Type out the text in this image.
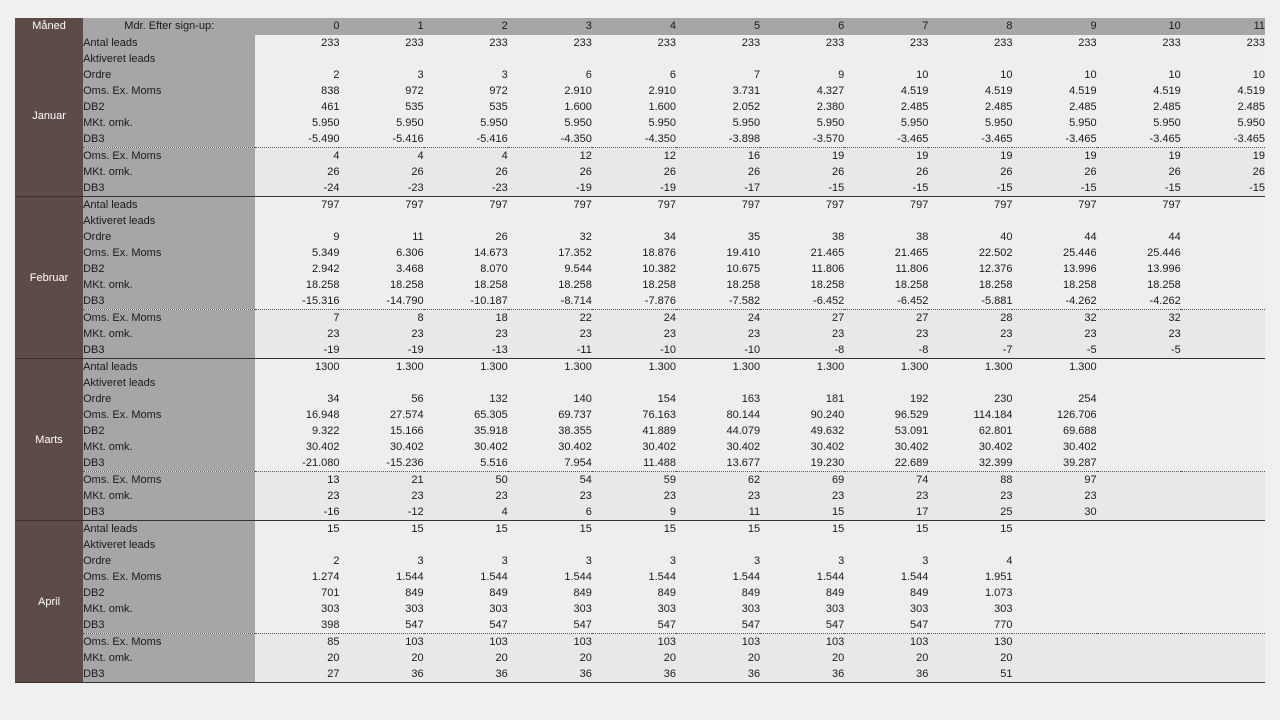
Måned	Mdr. Efter sign-up:	0	1	2	3	4	5	6	7	8	9	10	11
Januar	Antal leads	233	233	233	233	233	233	233	233	233	233	233	233
	Aktiveret leads												
	Ordre	2	3	3	6	6	7	9	10	10	10	10	10
	Oms. Ex. Moms	838	972	972	2.910	2.910	3.731	4.327	4.519	4.519	4.519	4.519	4.519
	DB2	461	535	535	1.600	1.600	2.052	2.380	2.485	2.485	2.485	2.485	2.485
	MKt. omk.	5.950	5.950	5.950	5.950	5.950	5.950	5.950	5.950	5.950	5.950	5.950	5.950
	DB3	-5.490	-5.416	-5.416	-4.350	-4.350	-3.898	-3.570	-3.465	-3.465	-3.465	-3.465	-3.465
	Oms. Ex. Moms	4	4	4	12	12	16	19	19	19	19	19	19
	MKt. omk.	26	26	26	26	26	26	26	26	26	26	26	26
	DB3	-24	-23	-23	-19	-19	-17	-15	-15	-15	-15	-15	-15
Februar	Antal leads	797	797	797	797	797	797	797	797	797	797	797	
	Aktiveret leads												
	Ordre	9	11	26	32	34	35	38	38	40	44	44	
	Oms. Ex. Moms	5.349	6.306	14.673	17.352	18.876	19.410	21.465	21.465	22.502	25.446	25.446	
	DB2	2.942	3.468	8.070	9.544	10.382	10.675	11.806	11.806	12.376	13.996	13.996	
	MKt. omk.	18.258	18.258	18.258	18.258	18.258	18.258	18.258	18.258	18.258	18.258	18.258	
	DB3	-15.316	-14.790	-10.187	-8.714	-7.876	-7.582	-6.452	-6.452	-5.881	-4.262	-4.262	
	Oms. Ex. Moms	7	8	18	22	24	24	27	27	28	32	32	
	MKt. omk.	23	23	23	23	23	23	23	23	23	23	23	
	DB3	-19	-19	-13	-11	-10	-10	-8	-8	-7	-5	-5	
Marts	Antal leads	1300	1.300	1.300	1.300	1.300	1.300	1.300	1.300	1.300	1.300		
	Aktiveret leads												
	Ordre	34	56	132	140	154	163	181	192	230	254		
	Oms. Ex. Moms	16.948	27.574	65.305	69.737	76.163	80.144	90.240	96.529	114.184	126.706		
	DB2	9.322	15.166	35.918	38.355	41.889	44.079	49.632	53.091	62.801	69.688		
	MKt. omk.	30.402	30.402	30.402	30.402	30.402	30.402	30.402	30.402	30.402	30.402		
	DB3	-21.080	-15.236	5.516	7.954	11.488	13.677	19.230	22.689	32.399	39.287		
	Oms. Ex. Moms	13	21	50	54	59	62	69	74	88	97		
	MKt. omk.	23	23	23	23	23	23	23	23	23	23		
	DB3	-16	-12	4	6	9	11	15	17	25	30		
April	Antal leads	15	15	15	15	15	15	15	15	15			
	Aktiveret leads												
	Ordre	2	3	3	3	3	3	3	3	4			
	Oms. Ex. Moms	1.274	1.544	1.544	1.544	1.544	1.544	1.544	1.544	1.951			
	DB2	701	849	849	849	849	849	849	849	1.073			
	MKt. omk.	303	303	303	303	303	303	303	303	303			
	DB3	398	547	547	547	547	547	547	547	770			
	Oms. Ex. Moms	85	103	103	103	103	103	103	103	130			
	MKt. omk.	20	20	20	20	20	20	20	20	20			
	DB3	27	36	36	36	36	36	36	36	51			
